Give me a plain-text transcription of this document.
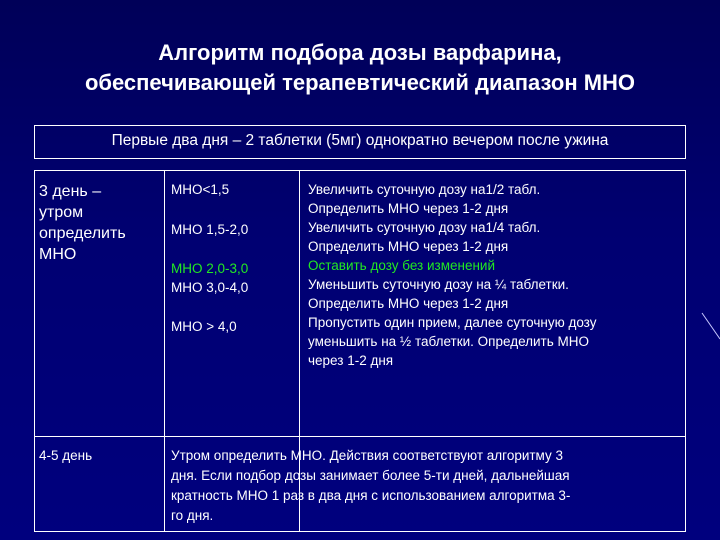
Алгоритм подбора дозы варфарина,
обеспечивающей терапевтический диапазон МНО
Первые два дня – 2 таблетки (5мг) однократно вечером после ужина
3 день –
утром
определить
МНО
МНО<1,5
МНО 1,5-2,0
МНО 2,0-3,0
МНО 3,0-4,0
МНО > 4,0
Увеличить суточную дозу на1/2 табл.
Определить МНО через 1-2 дня
Увеличить суточную дозу на1/4 табл.
Определить МНО через 1-2 дня
Оставить дозу без изменений
Уменьшить суточную дозу на ¼ таблетки.
Определить МНО через 1-2 дня
Пропустить один прием, далее суточную дозу
уменьшить на ½ таблетки. Определить МНО
через 1-2 дня
4-5 день	Утром определить МНО. Действия соответствуют алгоритму 3
дня. Если подбор дозы занимает более 5-ти дней, дальнейшая
кратность МНО 1 раз в два дня с использованием алгоритма 3-
го дня.
